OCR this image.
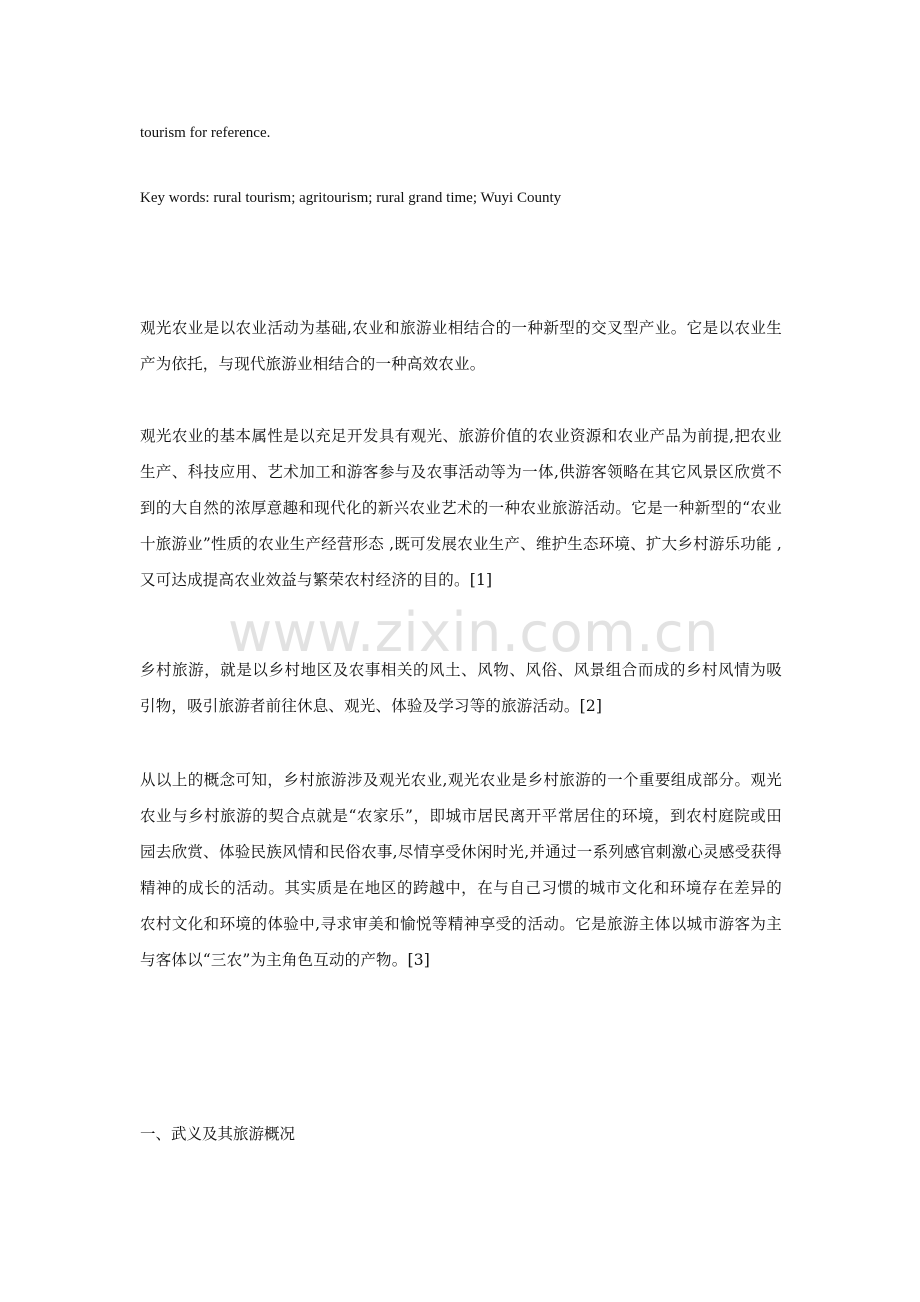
tourism for reference.

Key words: rural tourism; agritourism; rural grand time; Wuyi County

观光农业是以农业活动为基础,农业和旅游业相结合的一种新型的交叉型产业。它是以农业生产为依托，与现代旅游业相结合的一种高效农业。

观光农业的基本属性是以充足开发具有观光、旅游价值的农业资源和农业产品为前提,把农业生产、科技应用、艺术加工和游客参与及农事活动等为一体,供游客领略在其它风景区欣赏不到的大自然的浓厚意趣和现代化的新兴农业艺术的一种农业旅游活动。它是一种新型的“农业十旅游业”性质的农业生产经营形态 ,既可发展农业生产、维护生态环境、扩大乡村游乐功能 ,又可达成提高农业效益与繁荣农村经济的目的。[1]

乡村旅游，就是以乡村地区及农事相关的风土、风物、风俗、风景组合而成的乡村风情为吸引物，吸引旅游者前往休息、观光、体验及学习等的旅游活动。[2]

从以上的概念可知，乡村旅游涉及观光农业,观光农业是乡村旅游的一个重要组成部分。观光农业与乡村旅游的契合点就是“农家乐”，即城市居民离开平常居住的环境，到农村庭院或田园去欣赏、体验民族风情和民俗农事,尽情享受休闲时光,并通过一系列感官刺激心灵感受获得精神的成长的活动。其实质是在地区的跨越中，在与自己习惯的城市文化和环境存在差异的农村文化和环境的体验中,寻求审美和愉悦等精神享受的活动。它是旅游主体以城市游客为主与客体以“三农”为主角色互动的产物。[3]

一、武义及其旅游概况

www.zixin.com.cn
